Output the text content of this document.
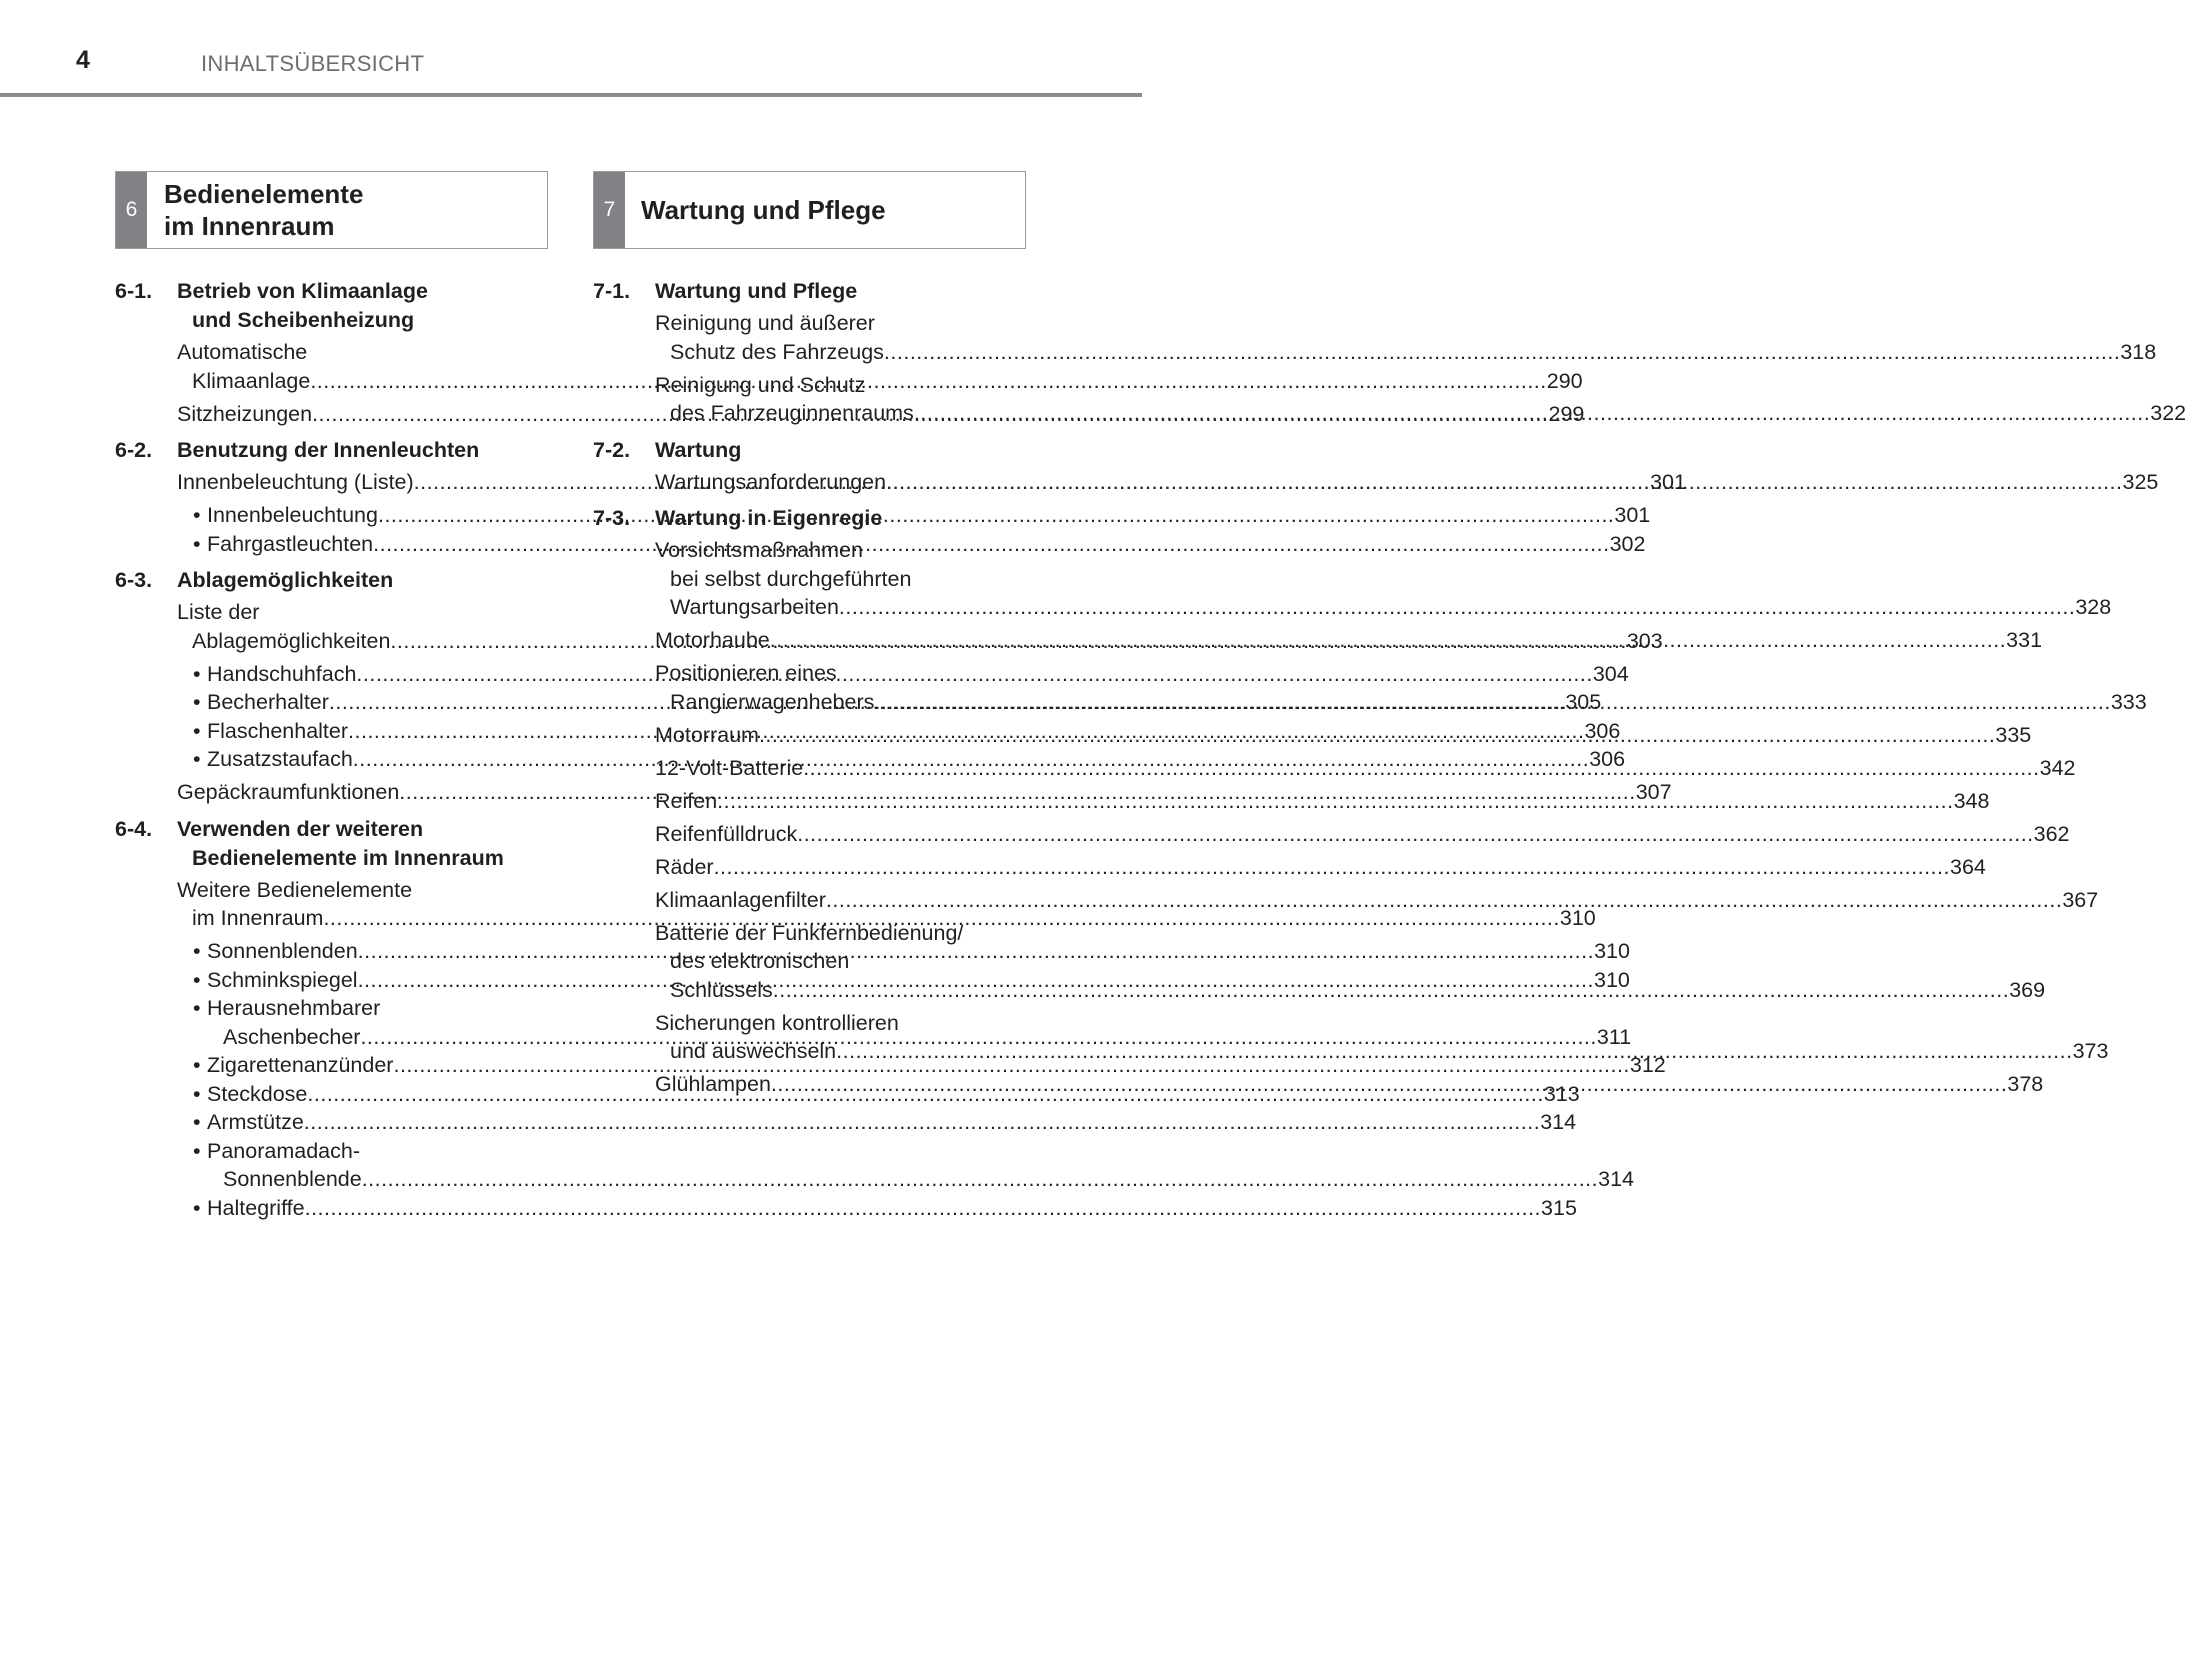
4	INHALTSÜBERSICHT
6
Bedienelemente
im Innenraum
7 Wartung und Pflege
6-1.	Betrieb von Klimaanlage
und Scheibenheizung
Automatische
Klimaanlage .....	290
Sitzheizungen .....	299
6-2.	Benutzung der Innenleuchten
Innenbeleuchtung (Liste) .....	301
• Innenbeleuchtung .....	301
• Fahrgastleuchten .....	302
6-3.	Ablagemöglichkeiten
Liste der
Ablagemöglichkeiten .....	303
• Handschuhfach .....	304
• Becherhalter .....	305
• Flaschenhalter .....	306
• Zusatzstaufach .....	306
Gepäckraumfunktionen .....	307
6-4.	Verwenden der weiteren
Bedienelemente im Innenraum
Weitere Bedienelemente
im Innenraum .....	310
• Sonnenblenden .....	310
• Schminkspiegel .....	310
• Herausnehmbarer
Aschenbecher .....	311
• Zigarettenanzünder .....	312
• Steckdose .....	313
• Armstütze .....	314
• Panoramadach-
Sonnenblende .....	314
• Haltegriffe .....	315
7-1.	Wartung und Pflege
Reinigung und äußerer
Schutz des Fahrzeugs .....	318
Reinigung und Schutz
des Fahrzeuginnenraums .....	322
7-2.	Wartung
Wartungsanforderungen .....	325
7-3.	Wartung in Eigenregie
Vorsichtsmaßnahmen
bei selbst durchgeführten
Wartungsarbeiten .....	328
Motorhaube .....	331
Positionieren eines
Rangierwagenhebers .....	333
Motorraum .....	335
12-Volt-Batterie .....	342
Reifen .....	348
Reifenfülldruck .....	362
Räder .....	364
Klimaanlagenfilter .....	367
Batterie der Funkfernbedienung/
des elektronischen
Schlüssels .....	369
Sicherungen kontrollieren
und auswechseln .....	373
Glühlampen .....	378
